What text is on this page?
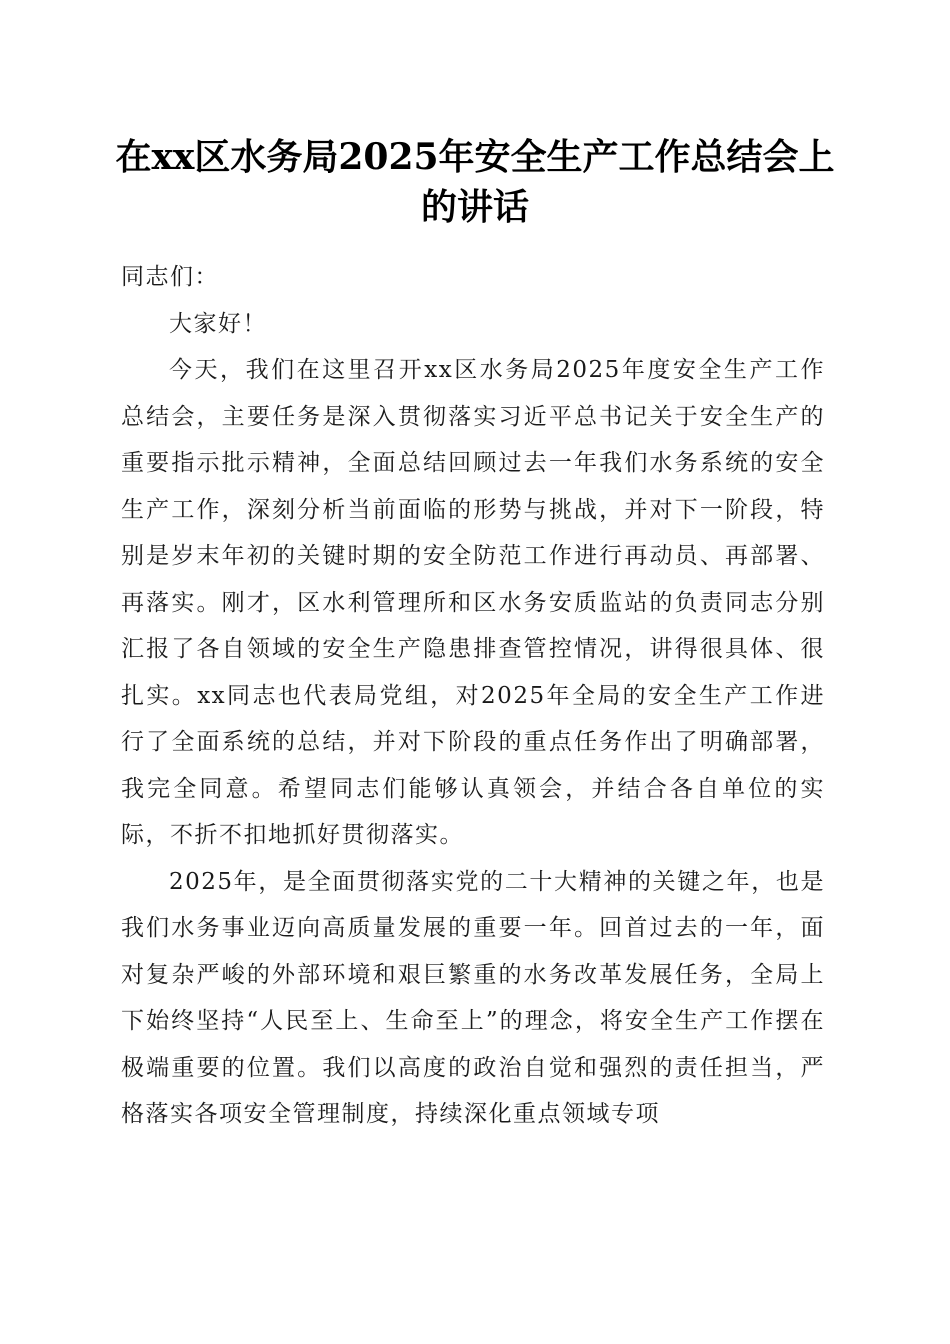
在xx区水务局2025年安全生产工作总结会上的讲话

同志们：

大家好！

今天，我们在这里召开xx区水务局2025年度安全生产工作总结会，主要任务是深入贯彻落实习近平总书记关于安全生产的重要指示批示精神，全面总结回顾过去一年我们水务系统的安全生产工作，深刻分析当前面临的形势与挑战，并对下一阶段，特别是岁末年初的关键时期的安全防范工作进行再动员、再部署、再落实。刚才，区水利管理所和区水务安质监站的负责同志分别汇报了各自领域的安全生产隐患排查管控情况，讲得很具体、很扎实。xx同志也代表局党组，对2025年全局的安全生产工作进行了全面系统的总结，并对下阶段的重点任务作出了明确部署，我完全同意。希望同志们能够认真领会，并结合各自单位的实际，不折不扣地抓好贯彻落实。

2025年，是全面贯彻落实党的二十大精神的关键之年，也是我们水务事业迈向高质量发展的重要一年。回首过去的一年，面对复杂严峻的外部环境和艰巨繁重的水务改革发展任务，全局上下始终坚持“人民至上、生命至上”的理念，将安全生产工作摆在极端重要的位置。我们以高度的政治自觉和强烈的责任担当，严格落实各项安全管理制度，持续深化重点领域专项
